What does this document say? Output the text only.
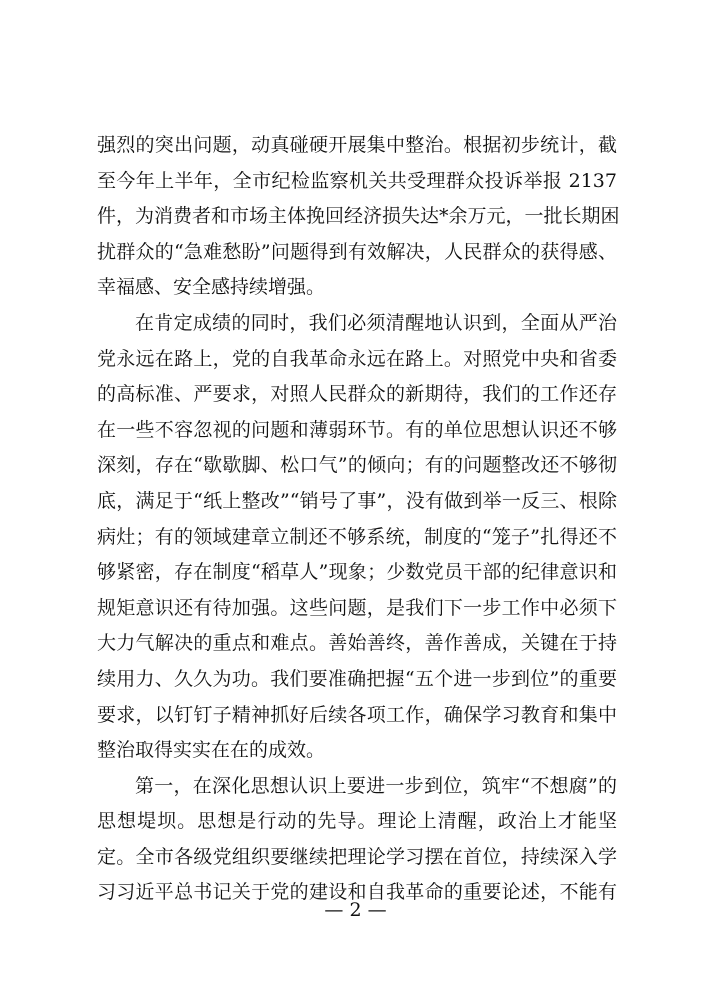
强烈的突出问题，动真碰硬开展集中整治。根据初步统计，截
至今年上半年，全市纪检监察机关共受理群众投诉举报 2137
件，为消费者和市场主体挽回经济损失达*余万元，一批长期困
扰群众的“急难愁盼”问题得到有效解决，人民群众的获得感、
幸福感、安全感持续增强。
在肯定成绩的同时，我们必须清醒地认识到，全面从严治
党永远在路上，党的自我革命永远在路上。对照党中央和省委
的高标准、严要求，对照人民群众的新期待，我们的工作还存
在一些不容忽视的问题和薄弱环节。有的单位思想认识还不够
深刻，存在“歇歇脚、松口气”的倾向；有的问题整改还不够彻
底，满足于“纸上整改”“销号了事”，没有做到举一反三、根除
病灶；有的领域建章立制还不够系统，制度的“笼子”扎得还不
够紧密，存在制度“稻草人”现象；少数党员干部的纪律意识和
规矩意识还有待加强。这些问题，是我们下一步工作中必须下
大力气解决的重点和难点。善始善终，善作善成，关键在于持
续用力、久久为功。我们要准确把握“五个进一步到位”的重要
要求，以钉钉子精神抓好后续各项工作，确保学习教育和集中
整治取得实实在在的成效。
第一，在深化思想认识上要进一步到位，筑牢“不想腐”的
思想堤坝。思想是行动的先导。理论上清醒，政治上才能坚
定。全市各级党组织要继续把理论学习摆在首位，持续深入学
习习近平总书记关于党的建设和自我革命的重要论述，不能有
— 2 —
